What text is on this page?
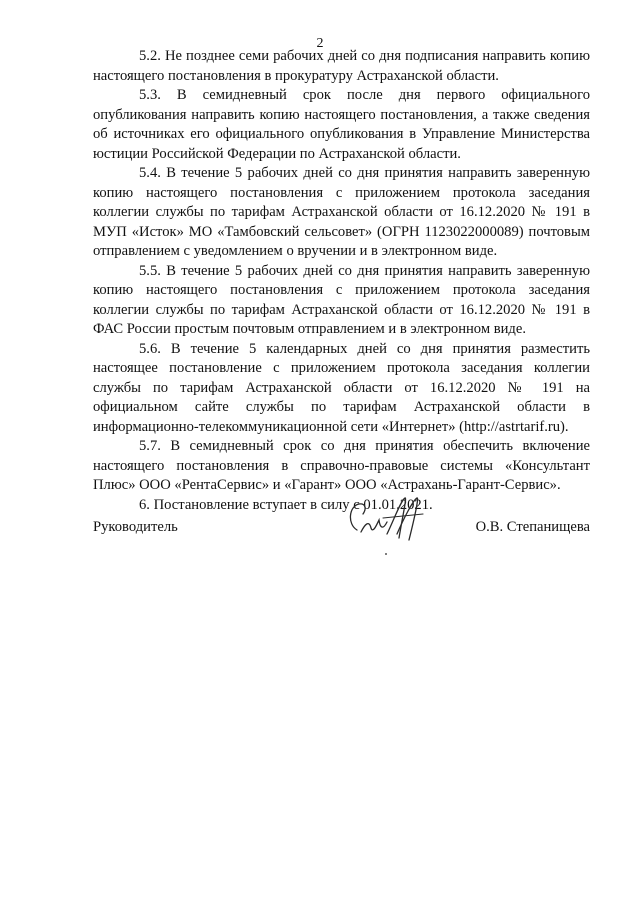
2

5.2. Не позднее семи рабочих дней со дня подписания направить копию настоящего постановления в прокуратуру Астраханской области.

5.3. В семидневный срок после дня первого официального опубликования направить копию настоящего постановления, а также сведения об источниках его официального опубликования в Управление Министерства юстиции Российской Федерации по Астраханской области.

5.4. В течение 5 рабочих дней со дня принятия направить заверенную копию настоящего постановления с приложением протокола заседания коллегии службы по тарифам Астраханской области от 16.12.2020 № 191 в МУП «Исток» МО «Тамбовский сельсовет» (ОГРН 1123022000089) почтовым отправлением с уведомлением о вручении и в электронном виде.

5.5. В течение 5 рабочих дней со дня принятия направить заверенную копию настоящего постановления с приложением протокола заседания коллегии службы по тарифам Астраханской области от 16.12.2020 № 191 в ФАС России простым почтовым отправлением и в электронном виде.

5.6. В течение 5 календарных дней со дня принятия разместить настоящее постановление с приложением протокола заседания коллегии службы по тарифам Астраханской области от 16.12.2020 № 191 на официальном сайте службы по тарифам Астраханской области в информационно-телекоммуникационной сети «Интернет» (http://astrtarif.ru).

5.7. В семидневный срок со дня принятия обеспечить включение настоящего постановления в справочно-правовые системы «Консультант Плюс» ООО «РентаСервис» и «Гарант» ООО «Астрахань-Гарант-Сервис».

6. Постановление вступает в силу с 01.01.2021.

Руководитель	О.В. Степанищева
